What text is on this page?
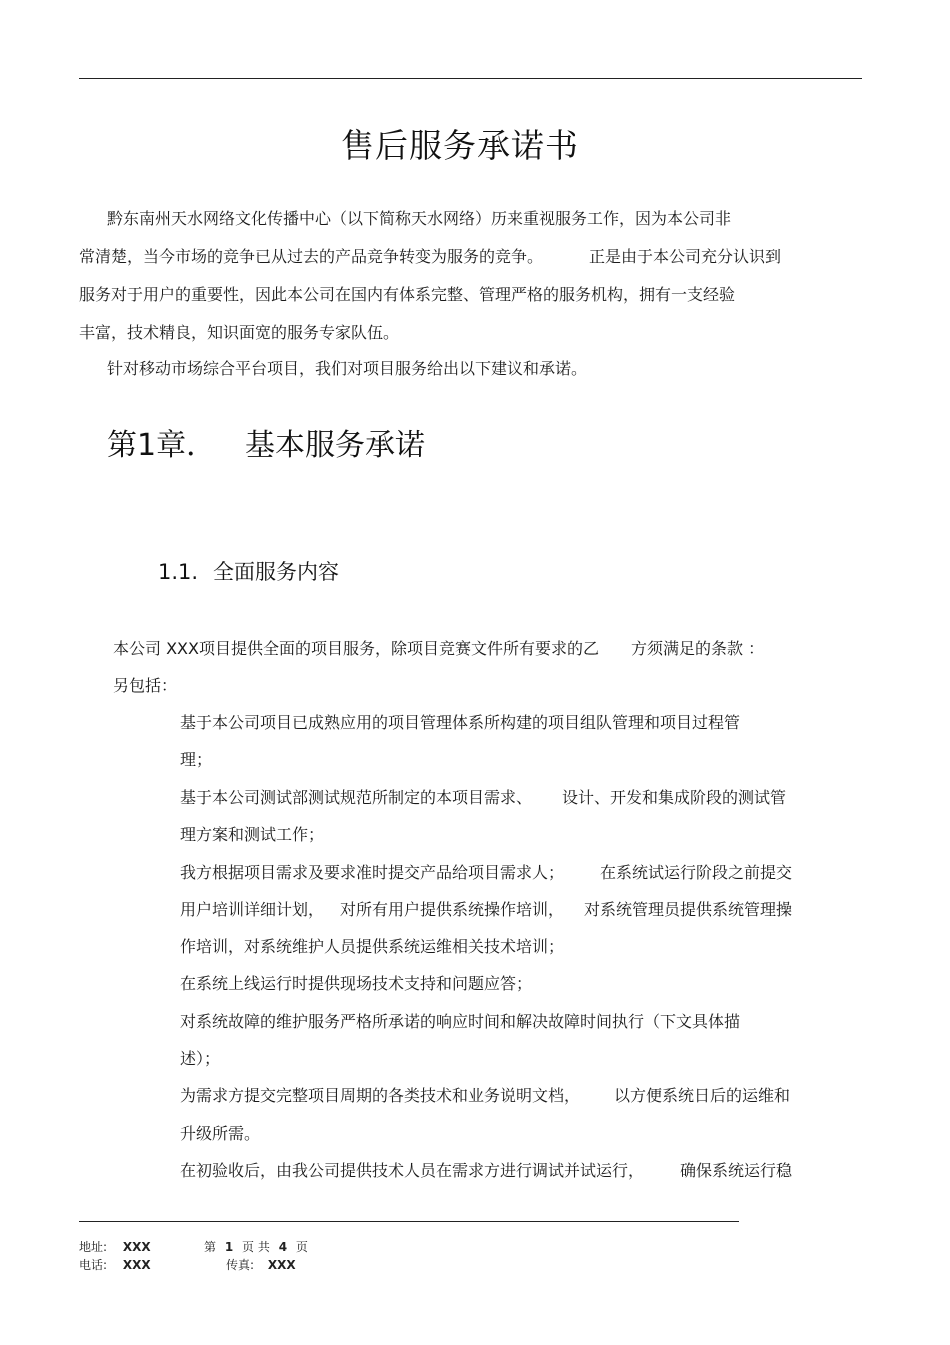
售后服务承诺书
黔东南州天水网络文化传播中心（以下简称天水网络）历来重视服务工作，因为本公司非
常清楚，当今市场的竞争已从过去的产品竞争转变为服务的竞争。	正是由于本公司充分认识到
服务对于用户的重要性，因此本公司在国内有体系完整、管理严格的服务机构，拥有一支经验
丰富，技术精良，知识面宽的服务专家队伍。
针对移动市场综合平台项目，我们对项目服务给出以下建议和承诺。
第1章． 基本服务承诺
1.1. 全面服务内容
本公司 XXX项目提供全面的项目服务，除项目竞赛文件所有要求的乙 方须满足的条款 ：
另包括：
基于本公司项目已成熟应用的项目管理体系所构建的项目组队管理和项目过程管
理；
基于本公司测试部测试规范所制定的本项目需求、 设计、开发和集成阶段的测试管
理方案和测试工作；
我方根据项目需求及要求准时提交产品给项目需求人； 在系统试运行阶段之前提交
用户培训详细计划， 对所有用户提供系统操作培训， 对系统管理员提供系统管理操
作培训，对系统维护人员提供系统运维相关技术培训；
在系统上线运行时提供现场技术支持和问题应答；
对系统故障的维护服务严格所承诺的响应时间和解决故障时间执行（下文具体描
述）；
为需求方提交完整项目周期的各类技术和业务说明文档， 以方便系统日后的运维和
升级所需。
在初验收后，由我公司提供技术人员在需求方进行调试并试运行， 确保系统运行稳
地址: XXX	第 1 页 共 4 页
电话: XXX	传真: XXX
